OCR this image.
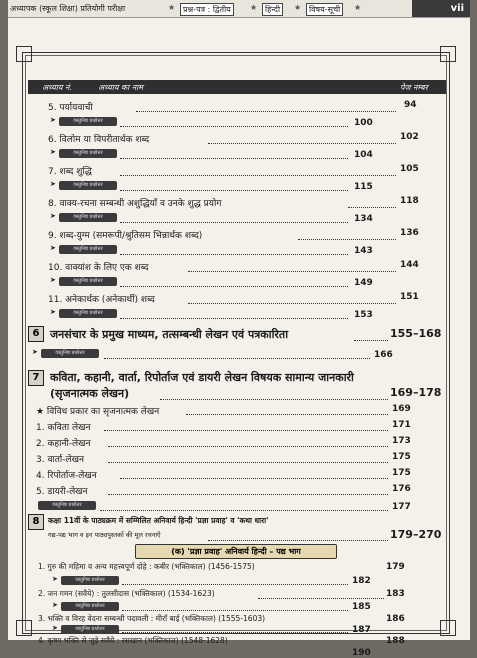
अध्यापक (स्कूल शिक्षा) प्रतियोगी परीक्षा	★ प्रश्न-पत्र : द्वितीय	★ हिन्दी	★ विषय-सूची	★	vii
अध्याय नं.	अध्याय का नाम	पेज नम्बर
5. पर्यायवाची	94
➤	वस्तुनिष्ठ प्रश्नोत्तर	100
6. विलोम या विपरीतार्थक शब्द	102
➤	वस्तुनिष्ठ प्रश्नोत्तर	104
7. शब्द शुद्धि	105
➤	वस्तुनिष्ठ प्रश्नोत्तर	115
8. वाक्य-रचना सम्बन्धी अशुद्धियाँ व उनके शुद्ध प्रयोग	118
➤	वस्तुनिष्ठ प्रश्नोत्तर	134
9. शब्द-युग्म (समरूपी/श्रुतिसम भिन्नार्थक शब्द)	136
➤	वस्तुनिष्ठ प्रश्नोत्तर	143
10. वाक्यांश के लिए एक शब्द	144
➤	वस्तुनिष्ठ प्रश्नोत्तर	149
11. अनेकार्थक (अनेकार्थी) शब्द	151
➤	वस्तुनिष्ठ प्रश्नोत्तर	153
6 जनसंचार के प्रमुख माध्यम, तत्सम्बन्धी लेखन एवं पत्रकारिता	155–168
➤	वस्तुनिष्ठ प्रश्नोत्तर	166
7 कविता, कहानी, वार्ता, रिपोर्ताज एवं डायरी लेखन विषयक सामान्य जानकारी
(सृजनात्मक लेखन)	169–178
★ विविध प्रकार का सृजनात्मक लेखन	169
1. कविता लेखन	171
2. कहानी-लेखन	173
3. वार्ता-लेखन	175
4. रिपोर्ताज-लेखन	175
5. डायरी-लेखन	176
वस्तुनिष्ठ प्रश्नोत्तर	177
8	कक्षा 11वीं के पाठ्यक्रम में सम्मिलित अनिवार्य हिन्दी 'प्रज्ञा प्रवाह' व 'कथा धारा'
गद्य-पद्य भाग व इन पाठ्यपुस्तकों की मूल रचनाएँ	179–270
(क) 'प्रज्ञा प्रवाह' अनिवार्य हिन्दी – पद्य भाग
1. गुरु की महिमा व अन्य महत्त्वपूर्ण दोहे : कबीर (भक्तिकाल) (1456-1575)	179
➤	वस्तुनिष्ठ प्रश्नोत्तर	182
2. जन गमन (सवैये) : तुलसीदास (भक्तिकाल) (1534-1623)	183
➤	वस्तुनिष्ठ प्रश्नोत्तर	185
3. भक्ति व विरह वेदना सम्बन्धी पदावली : मीराँ बाई (भक्तिकाल) (1555-1603)	186
➤	वस्तुनिष्ठ प्रश्नोत्तर	187
4. कृष्ण भक्ति से जुड़े सवैये : रसखान (भक्तिकाल) (1548-1628)	188
190
